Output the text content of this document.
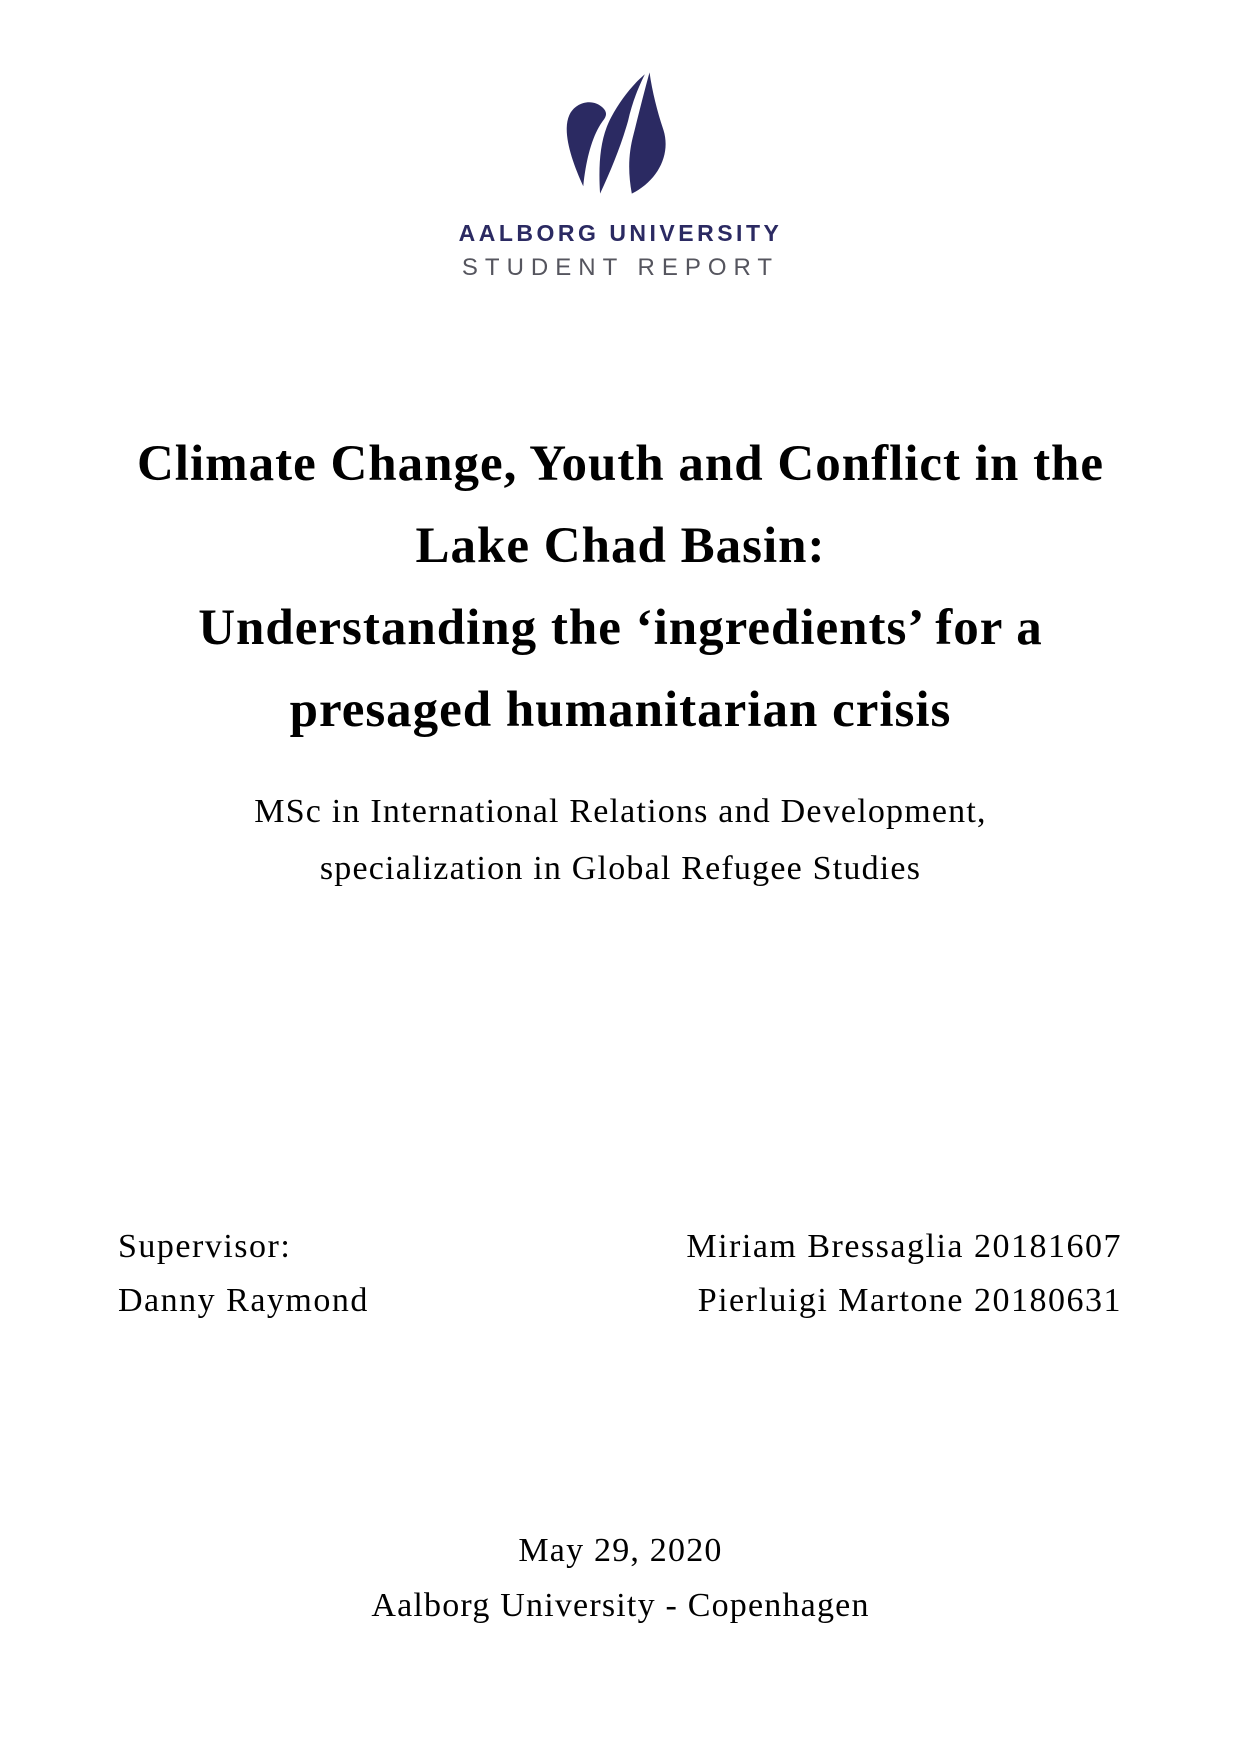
AALBORG UNIVERSITY
STUDENT REPORT
Climate Change, Youth and Conflict in the
Lake Chad Basin:
Understanding the ‘ingredients’ for a
presaged humanitarian crisis
MSc in International Relations and Development,
specialization in Global Refugee Studies
Supervisor:
Danny Raymond
Miriam Bressaglia 20181607
Pierluigi Martone 20180631
May 29, 2020
Aalborg University - Copenhagen
